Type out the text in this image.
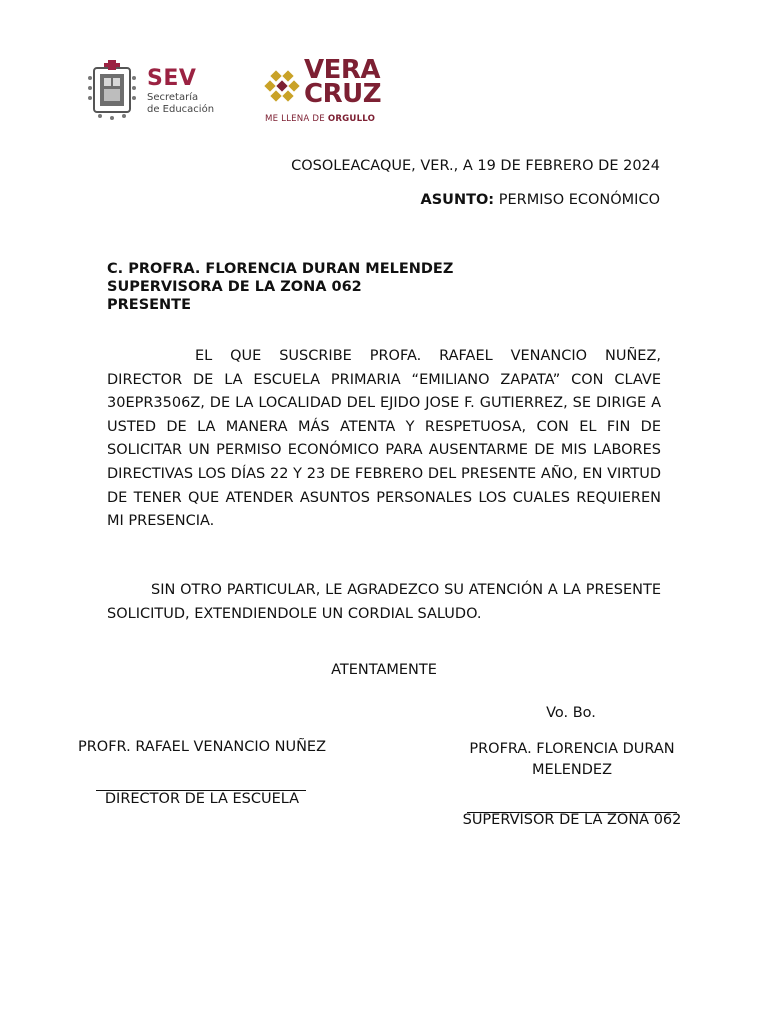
SEV
Secretaría
de Educación
VERA
CRUZ
ME LLENA DE ORGULLO
COSOLEACAQUE, VER., A 19 DE FEBRERO DE 2024
ASUNTO: PERMISO ECONÓMICO
C. PROFRA. FLORENCIA DURAN MELENDEZ
SUPERVISORA DE LA ZONA 062
PRESENTE
EL QUE SUSCRIBE PROFA. RAFAEL VENANCIO NUÑEZ, DIRECTOR DE LA ESCUELA PRIMARIA “EMILIANO ZAPATA” CON CLAVE 30EPR3506Z, DE LA LOCALIDAD DEL EJIDO JOSE F. GUTIERREZ, SE DIRIGE A USTED DE LA MANERA MÁS ATENTA Y RESPETUOSA, CON EL FIN DE SOLICITAR UN PERMISO ECONÓMICO PARA AUSENTARME DE MIS LABORES DIRECTIVAS LOS DÍAS 22 Y 23 DE FEBRERO DEL PRESENTE AÑO, EN VIRTUD DE TENER QUE ATENDER ASUNTOS PERSONALES LOS CUALES REQUIEREN MI PRESENCIA.
SIN OTRO PARTICULAR, LE AGRADEZCO SU ATENCIÓN A LA PRESENTE SOLICITUD, EXTENDIENDOLE UN CORDIAL SALUDO.
ATENTAMENTE
Vo. Bo.
PROFR. RAFAEL VENANCIO NUÑEZ
DIRECTOR DE LA ESCUELA
PROFRA. FLORENCIA DURAN
MELENDEZ
SUPERVISOR DE LA ZONA 062
